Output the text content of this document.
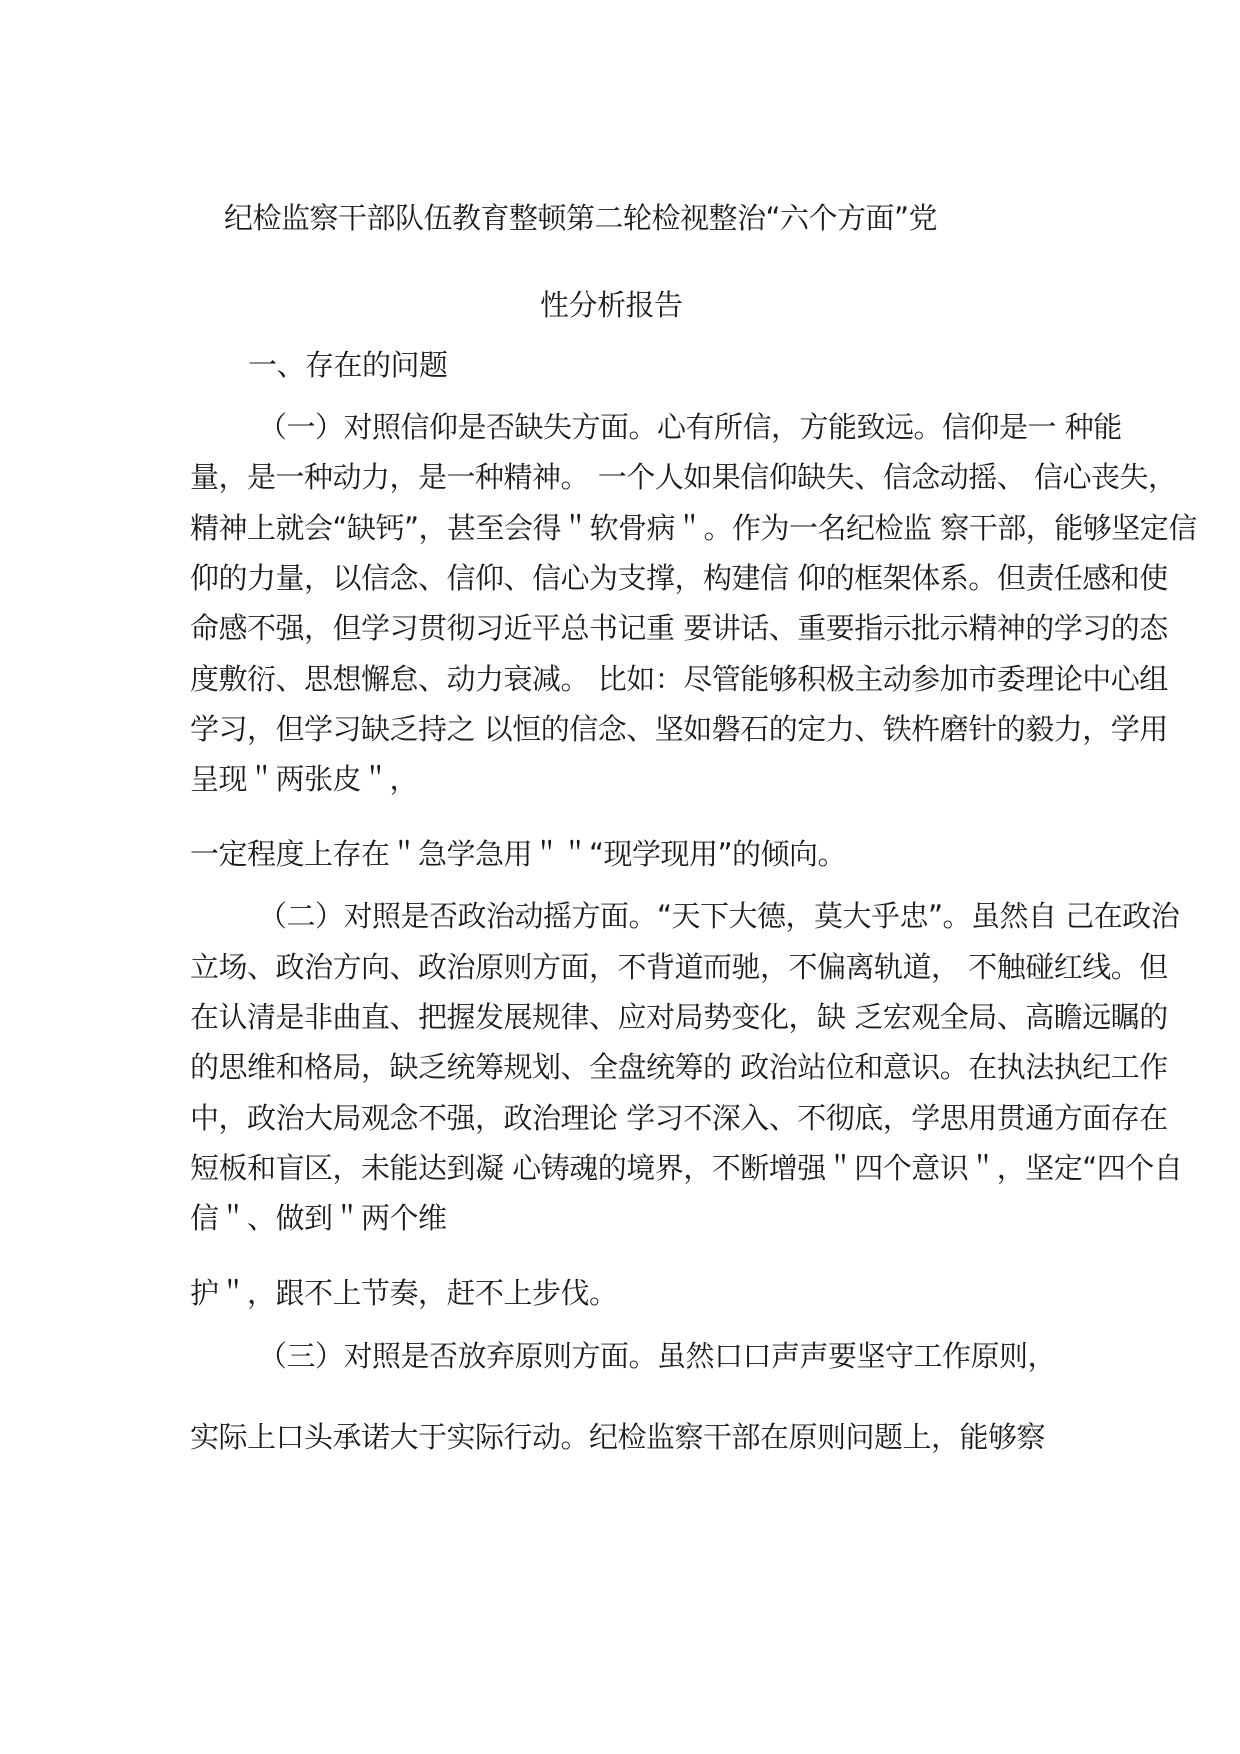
纪检监察干部队伍教育整顿第二轮检视整治“六个方面”党
性分析报告
一、存在的问题
（一）对照信仰是否缺失方面。心有所信，方能致远。信仰是一 种能
量，是一种动力，是一种精神。 一个人如果信仰缺失、信念动摇、 信心丧失，
精神上就会“缺钙”，甚至会得＂软骨病＂。作为一名纪检监 察干部，能够坚定信
仰的力量，以信念、信仰、信心为支撑，构建信 仰的框架体系。但责任感和使
命感不强，但学习贯彻习近平总书记重 要讲话、重要指示批示精神的学习的态
度敷衍、思想懈怠、动力衰减。 比如：尽管能够积极主动参加市委理论中心组
学习，但学习缺乏持之 以恒的信念、坚如磐石的定力、铁杵磨针的毅力，学用
呈现＂两张皮＂，
一定程度上存在＂急学急用＂＂“现学现用”的倾向。
（二）对照是否政治动摇方面。“天下大德，莫大乎忠”。虽然自 己在政治
立场、政治方向、政治原则方面，不背道而驰，不偏离轨道， 不触碰红线。但
在认清是非曲直、把握发展规律、应对局势变化，缺 乏宏观全局、高瞻远瞩的
的思维和格局，缺乏统筹规划、全盘统筹的 政治站位和意识。在执法执纪工作
中，政治大局观念不强，政治理论 学习不深入、不彻底，学思用贯通方面存在
短板和盲区，未能达到凝 心铸魂的境界，不断增强＂四个意识＂，坚定“四个自
信＂、做到＂两个维
护＂，跟不上节奏，赶不上步伐。
（三）对照是否放弃原则方面。虽然口口声声要坚守工作原则，
实际上口头承诺大于实际行动。纪检监察干部在原则问题上，能够察
